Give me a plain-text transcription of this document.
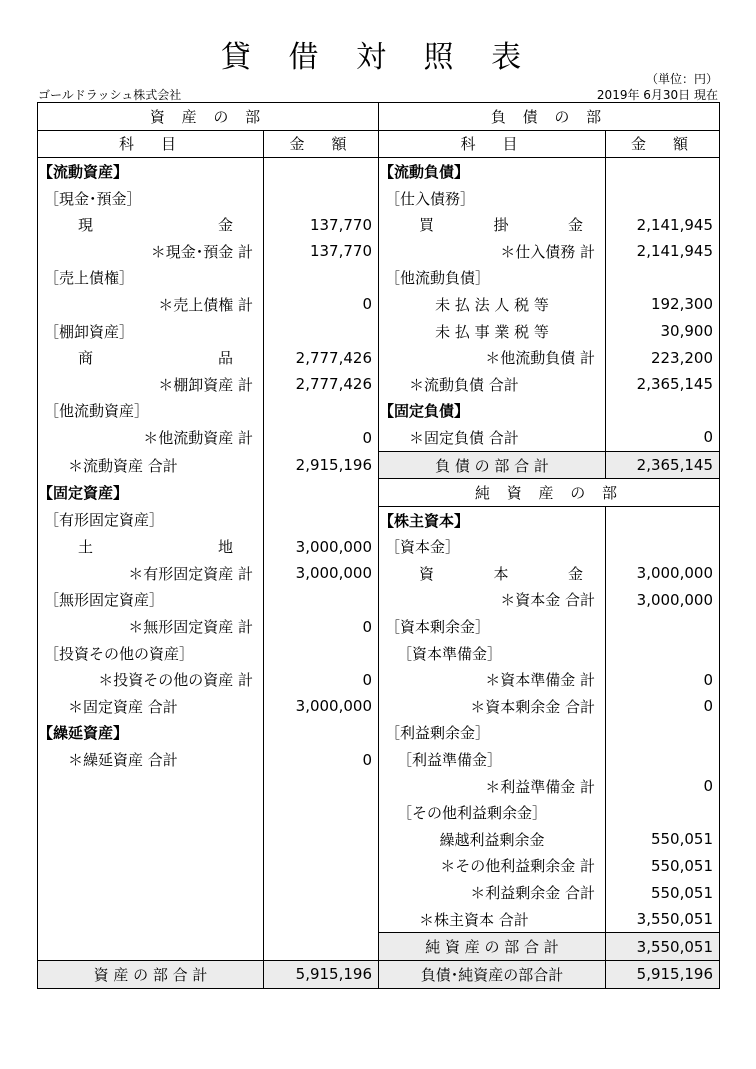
貸 借 対 照 表
（単位：円）
ゴールドラッシュ株式会社	2019年 6月30日 現在
資 産 の 部		負 債 の 部	
科　目	金　額	科　目	金　額
【流動資産】		【流動負債】	
［現金･預金］		［仕入債務］	

現　　　金	137,770	買　　掛　　金	2,141,945
＊現金･預金 計	137,770	＊仕入債務 計	2,141,945
［売上債権］		［他流動負債］	
＊売上債権 計	0	未 払 法 人 税 等	192,300
［棚卸資産］		未 払 事 業 税 等	30,900

商　　　品	2,777,426	＊他流動負債 計	223,200
＊棚卸資産 計	2,777,426	＊流動負債 合計	2,365,145
［他流動資産］		【固定負債】	
＊他流動資産 計	0	＊固定負債 合計	0
＊流動資産 合計	2,915,196	負 債 の 部 合 計	2,365,145
【固定資産】		純 資 産 の 部	
［有形固定資産］		【株主資本】	

土　　　地	3,000,000	［資本金］	
＊有形固定資産 計	3,000,000	資　　本　　金	3,000,000
［無形固定資産］		＊資本金 合計	3,000,000
＊無形固定資産 計	0	［資本剰余金］	
［投資その他の資産］		［資本準備金］	
＊投資その他の資産 計	0	＊資本準備金 計	0
＊固定資産 合計	3,000,000	＊資本剰余金 合計	0
【繰延資産】		［利益剰余金］	
＊繰延資産 合計	0	［利益準備金］	
		＊利益準備金 計	0
		［その他利益剰余金］	
		繰越利益剰余金	550,051
		＊その他利益剰余金 計	550,051
		＊利益剰余金 合計	550,051
		＊株主資本 合計	3,550,051
		純 資 産 の 部 合 計	3,550,051
資 産 の 部 合 計	5,915,196	負債･純資産の部合計	5,915,196
